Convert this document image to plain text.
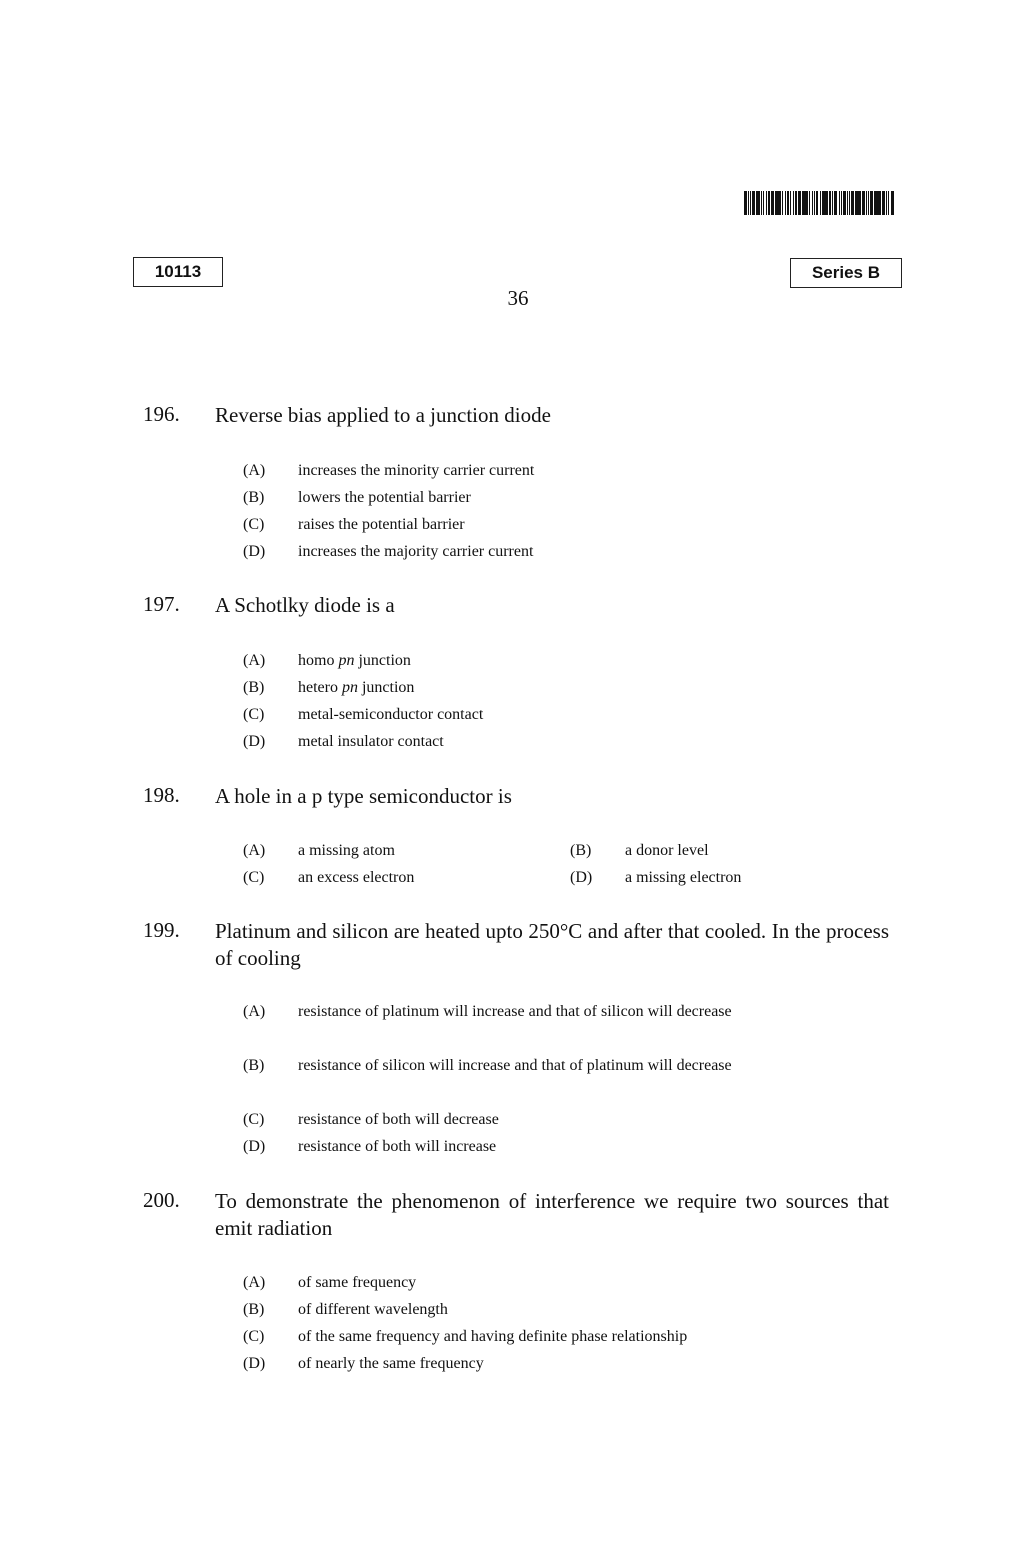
10113	Series B
36
196. Reverse bias applied to a junction diode
(A) increases the minority carrier current
(B) lowers the potential barrier
(C) raises the potential barrier
(D) increases the majority carrier current
197. A Schotlky diode is a
(A) homo pn junction
(B) hetero pn junction
(C) metal-semiconductor contact
(D) metal insulator contact
198. A hole in a p type semiconductor is
(A) a missing atom	(B) a donor level
(C) an excess electron	(D) a missing electron
199. Platinum and silicon are heated upto 250°C and after that cooled. In the process of cooling
(A) resistance of platinum will increase and that of silicon will decrease
(B) resistance of silicon will increase and that of platinum will decrease
(C) resistance of both will decrease
(D) resistance of both will increase
200. To demonstrate the phenomenon of interference we require two sources that emit radiation
(A) of same frequency
(B) of different wavelength
(C) of the same frequency and having definite phase relationship
(D) of nearly the same frequency
